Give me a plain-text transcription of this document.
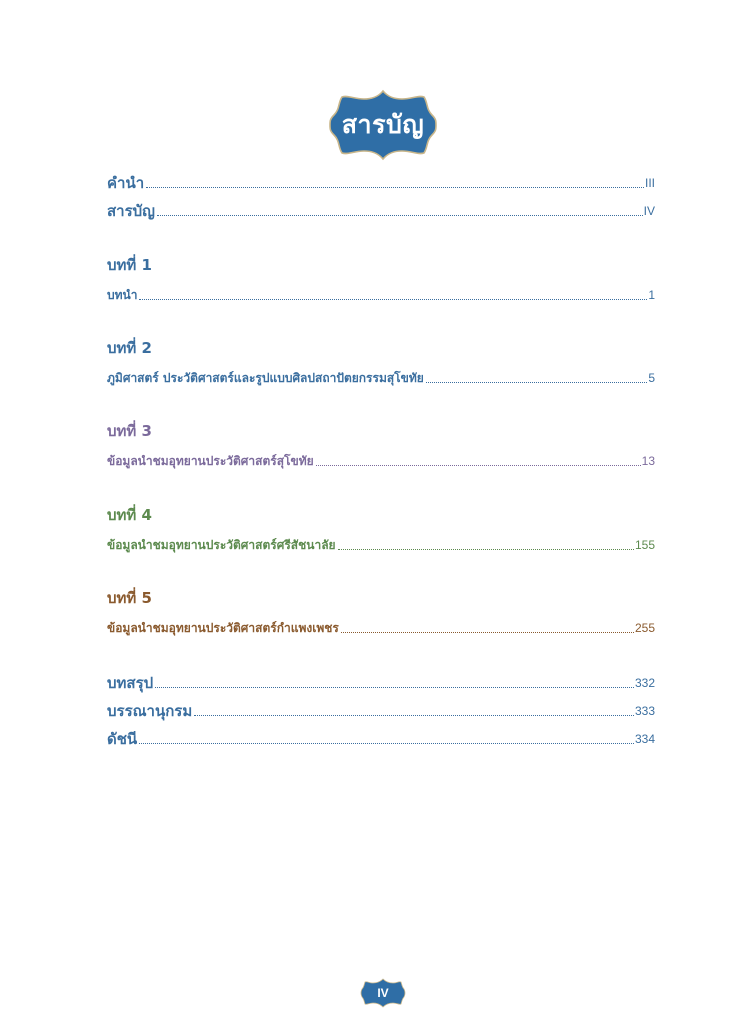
สารบัญ
คำนำ	III
สารบัญ	IV
บทที่ 1
บทนำ	1
บทที่ 2
ภูมิศาสตร์ ประวัติศาสตร์และรูปแบบศิลปสถาปัตยกรรมสุโขทัย	5
บทที่ 3
ข้อมูลนำชมอุทยานประวัติศาสตร์สุโขทัย	13
บทที่ 4
ข้อมูลนำชมอุทยานประวัติศาสตร์ศรีสัชนาลัย	155
บทที่ 5
ข้อมูลนำชมอุทยานประวัติศาสตร์กำแพงเพชร	255
บทสรุป	332
บรรณานุกรม	333
ดัชนี	334
IV
